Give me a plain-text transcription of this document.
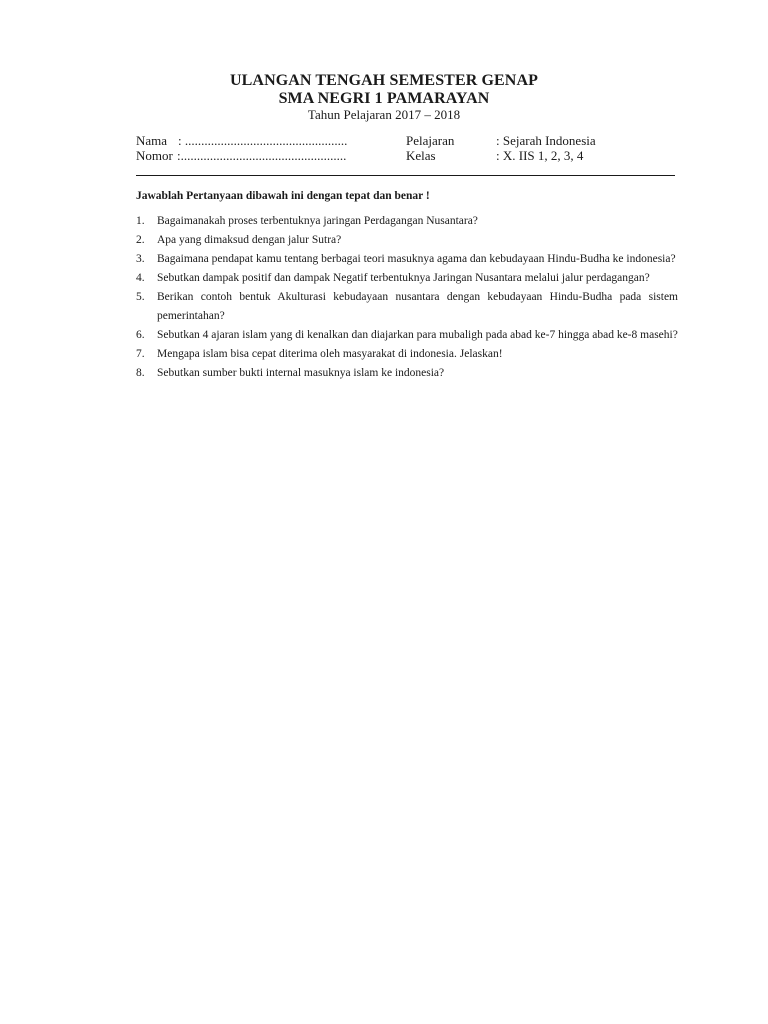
ULANGAN TENGAH SEMESTER GENAP
SMA NEGRI 1 PAMARAYAN
Tahun Pelajaran 2017 – 2018
Nama : ..................................................
Nomor :...................................................
Pelajaran	: Sejarah Indonesia
Kelas	: X. IIS 1, 2, 3, 4
Jawablah Pertanyaan dibawah ini dengan tepat dan benar !
1. Bagaimanakah proses terbentuknya jaringan Perdagangan Nusantara?
2. Apa yang dimaksud dengan jalur Sutra?
3. Bagaimana pendapat kamu tentang berbagai teori masuknya agama dan kebudayaan Hindu-Budha ke indonesia?
4. Sebutkan dampak positif dan dampak Negatif terbentuknya Jaringan Nusantara melalui jalur perdagangan?
5. Berikan contoh bentuk Akulturasi kebudayaan nusantara dengan kebudayaan Hindu-Budha pada sistem pemerintahan?
6. Sebutkan 4 ajaran islam yang di kenalkan dan diajarkan para mubaligh pada abad ke-7 hingga abad ke-8 masehi?
7. Mengapa islam bisa cepat diterima oleh masyarakat di indonesia. Jelaskan!
8. Sebutkan sumber bukti internal masuknya islam ke indonesia?
